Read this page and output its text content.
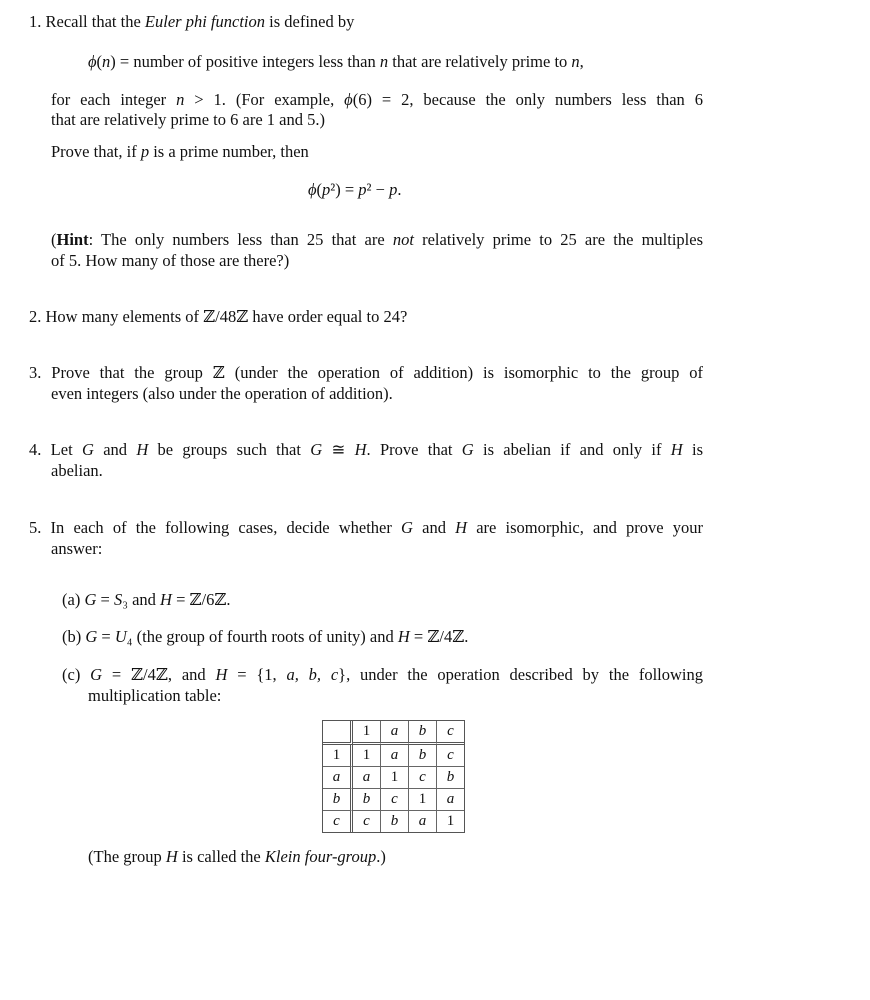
1. Recall that the Euler phi function is defined by
ϕ(n) = number of positive integers less than n that are relatively prime to n,
for each integer n > 1. (For example, ϕ(6) = 2, because the only numbers less than 6
that are relatively prime to 6 are 1 and 5.)
Prove that, if p is a prime number, then
ϕ(p²) = p² − p.
(Hint: The only numbers less than 25 that are not relatively prime to 25 are the multiples
of 5. How many of those are there?)
2. How many elements of ℤ/48ℤ have order equal to 24?
3. Prove that the group ℤ (under the operation of addition) is isomorphic to the group of
even integers (also under the operation of addition).
4. Let G and H be groups such that G ≅ H. Prove that G is abelian if and only if H is
abelian.
5. In each of the following cases, decide whether G and H are isomorphic, and prove your
answer:
(a) G = S₃ and H = ℤ/6ℤ.
(b) G = U₄ (the group of fourth roots of unity) and H = ℤ/4ℤ.
(c) G = ℤ/4ℤ, and H = {1, a, b, c}, under the operation described by the following
multiplication table:
(The group H is called the Klein four-group.)
	1	a	b	c
1	1	a	b	c
a	a	1	c	b
b	b	c	1	a
c	c	b	a	1
